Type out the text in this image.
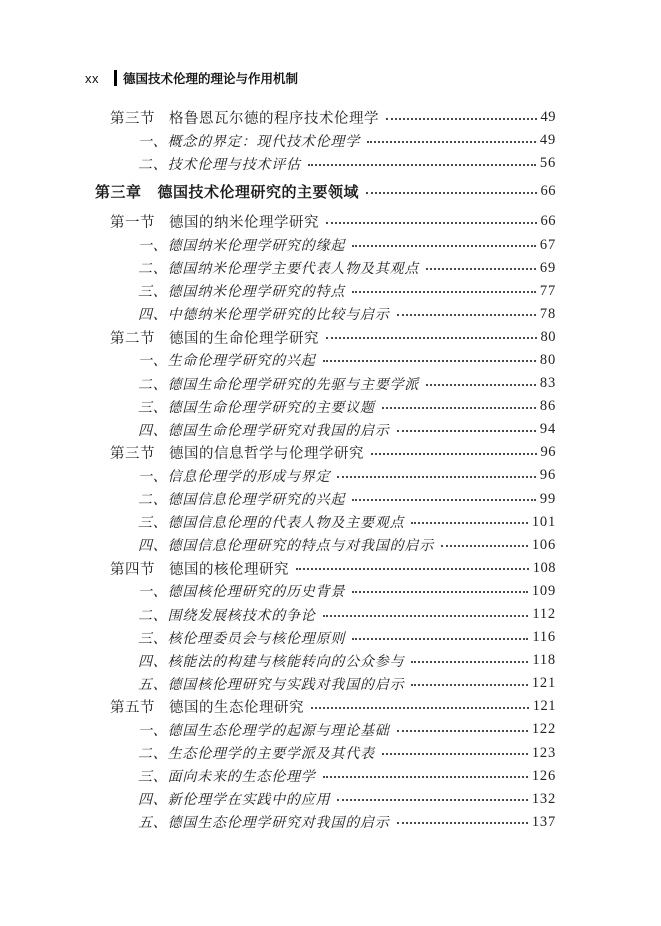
xx 德国技术伦理的理论与作用机制
第三节 格鲁恩瓦尔德的程序技术伦理学	49
一、 概念的界定：现代技术伦理学	49
二、 技术伦理与技术评估	56
第三章 德国技术伦理研究的主要领域	66
第一节 德国的纳米伦理学研究	66
一、 德国纳米伦理学研究的缘起	67
二、 德国纳米伦理学主要代表人物及其观点	69
三、 德国纳米伦理学研究的特点	77
四、 中德纳米伦理学研究的比较与启示	78
第二节 德国的生命伦理学研究	80
一、 生命伦理学研究的兴起	80
二、 德国生命伦理学研究的先驱与主要学派	83
三、 德国生命伦理学研究的主要议题	86
四、 德国生命伦理学研究对我国的启示	94
第三节 德国的信息哲学与伦理学研究	96
一、 信息伦理学的形成与界定	96
二、 德国信息伦理学研究的兴起	99
三、 德国信息伦理的代表人物及主要观点	101
四、 德国信息伦理研究的特点与对我国的启示	106
第四节 德国的核伦理研究	108
一、 德国核伦理研究的历史背景	109
二、 围绕发展核技术的争论	112
三、 核伦理委员会与核伦理原则	116
四、 核能法的构建与核能转向的公众参与	118
五、 德国核伦理研究与实践对我国的启示	121
第五节 德国的生态伦理研究	121
一、 德国生态伦理学的起源与理论基础	122
二、 生态伦理学的主要学派及其代表	123
三、 面向未来的生态伦理学	126
四、 新伦理学在实践中的应用	132
五、 德国生态伦理学研究对我国的启示	137
